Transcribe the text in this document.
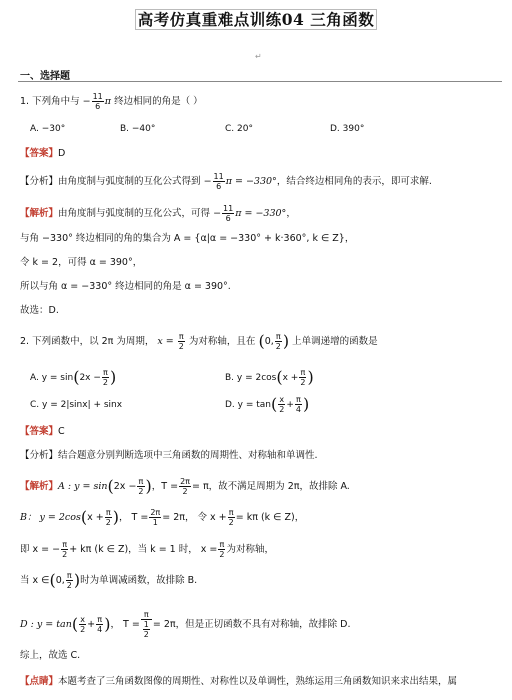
高考仿真重难点训练04 三角函数
↵
一、选择题
1. 下列角中与 − $\frac{11}{6}$ π 终边相同的角是（ ）
A. −30°	B. −40°	C. 20°	D. 390°
【答案】D
【分析】由角度制与弧度制的互化公式得到 − $\frac{11}{6}$ π = −330°，结合终边相同角的表示，即可求解.
【解析】由角度制与弧度制的互化公式，可得 − $\frac{11}{6}$ π = −330°，
与角 −330° 终边相同的角的集合为 A = {α|α = −330° + k·360°, k ∈ Z}，
令 k = 2，可得 α = 390°，
所以与角 α = −330° 终边相同的角是 α = 390°.
故选：D.
2. 下列函数中，以 2π 为周期， $x = \frac{\pi}{2}$ 为对称轴，且在 (0, $\frac{\pi}{2}$ ) 上单调递增的函数是
A. $y = \sin(2x - \frac{\pi}{2}$ )	B. $y = 2\cos(x + \frac{\pi}{2}$ )
C. y = 2|sinx| + sinx	D. $y = \tan( \frac{x}{2} + \frac{\pi}{4}$ )
【答案】C
【分析】结合题意分别判断选项中三角函数的周期性、对称轴和单调性.
【解析】A : $y = \sin(2x - \frac{\pi}{2}$ )，$T = \frac{2\pi}{2} = \pi$，故不满足周期为 2π，故排除 A.
B： $y = 2\cos(x + \frac{\pi}{2}$ )， $T = \frac{2\pi}{1} = 2\pi$， 令 $x + \frac{\pi}{2} = k\pi$ (k ∈ Z)，
即 x = − $\frac{\pi}{2} + k\pi$ (k ∈ Z)，当 k = 1 时， $x = \frac{\pi}{2}$ 为对称轴，
当 x ∈(0, $\frac{\pi}{2}$ )时为单调减函数，故排除 B.
D : $y = \tan( \frac{x}{2} + \frac{\pi}{4}$ )， $T = \frac{\pi}{\frac{1}{2}} = 2\pi$，但是正切函数不具有对称轴，故排除 D.
综上，故选 C.
【点睛】本题考查了三角函数图像的周期性、对称性以及单调性，熟练运用三角函数知识来求出结果，属
